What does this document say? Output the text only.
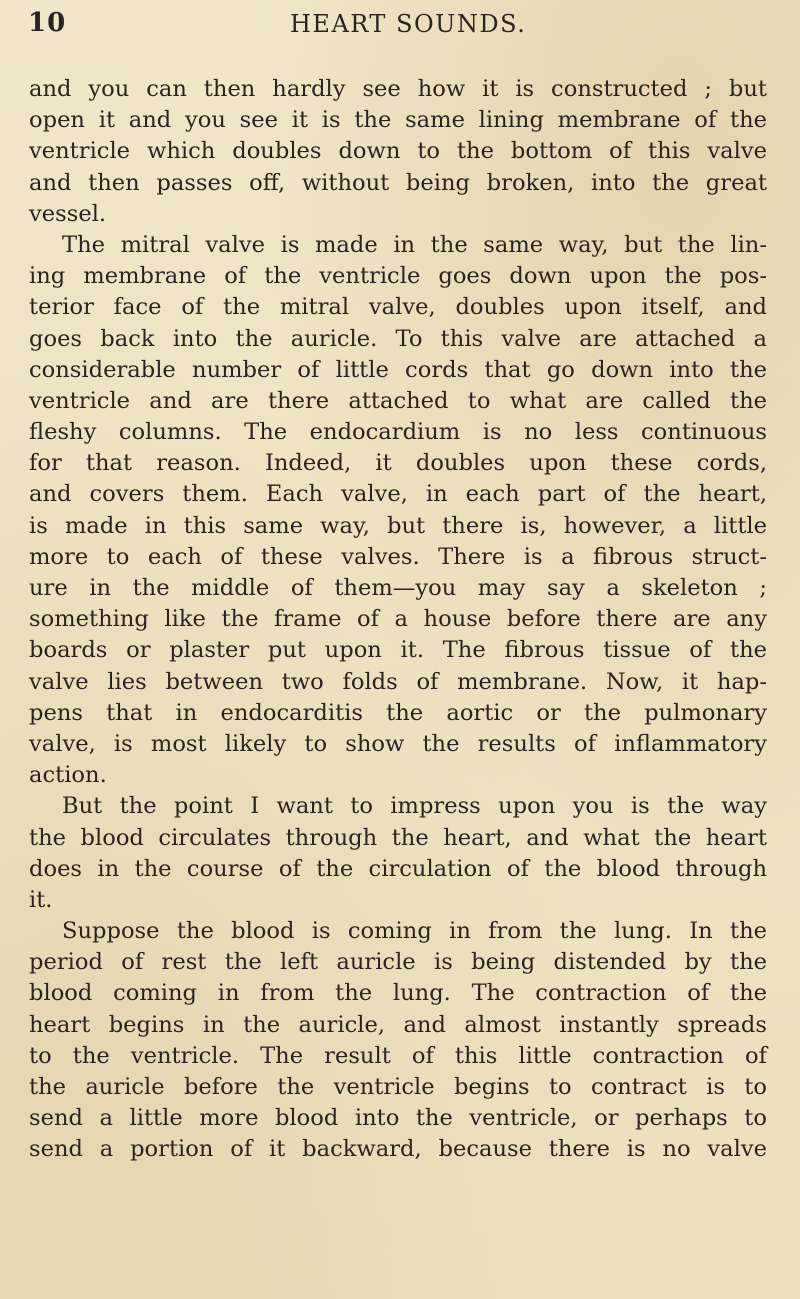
10	HEART SOUNDS.
and you can then hardly see how it is constructed ; but
open it and you see it is the same lining membrane of the
ventricle which doubles down to the bottom of this valve
and then passes off, without being broken, into the great
vessel.
The mitral valve is made in the same way, but the lin-
ing membrane of the ventricle goes down upon the pos-
terior face of the mitral valve, doubles upon itself, and
goes back into the auricle. To this valve are attached a
considerable number of little cords that go down into the
ventricle and are there attached to what are called the
fleshy columns. The endocardium is no less continuous
for that reason. Indeed, it doubles upon these cords,
and covers them. Each valve, in each part of the heart,
is made in this same way, but there is, however, a little
more to each of these valves. There is a fibrous struct-
ure in the middle of them—you may say a skeleton ;
something like the frame of a house before there are any
boards or plaster put upon it. The fibrous tissue of the
valve lies between two folds of membrane. Now, it hap-
pens that in endocarditis the aortic or the pulmonary
valve, is most likely to show the results of inflammatory
action.
But the point I want to impress upon you is the way
the blood circulates through the heart, and what the heart
does in the course of the circulation of the blood through
it.
Suppose the blood is coming in from the lung. In the
period of rest the left auricle is being distended by the
blood coming in from the lung. The contraction of the
heart begins in the auricle, and almost instantly spreads
to the ventricle. The result of this little contraction of
the auricle before the ventricle begins to contract is to
send a little more blood into the ventricle, or perhaps to
send a portion of it backward, because there is no valve
